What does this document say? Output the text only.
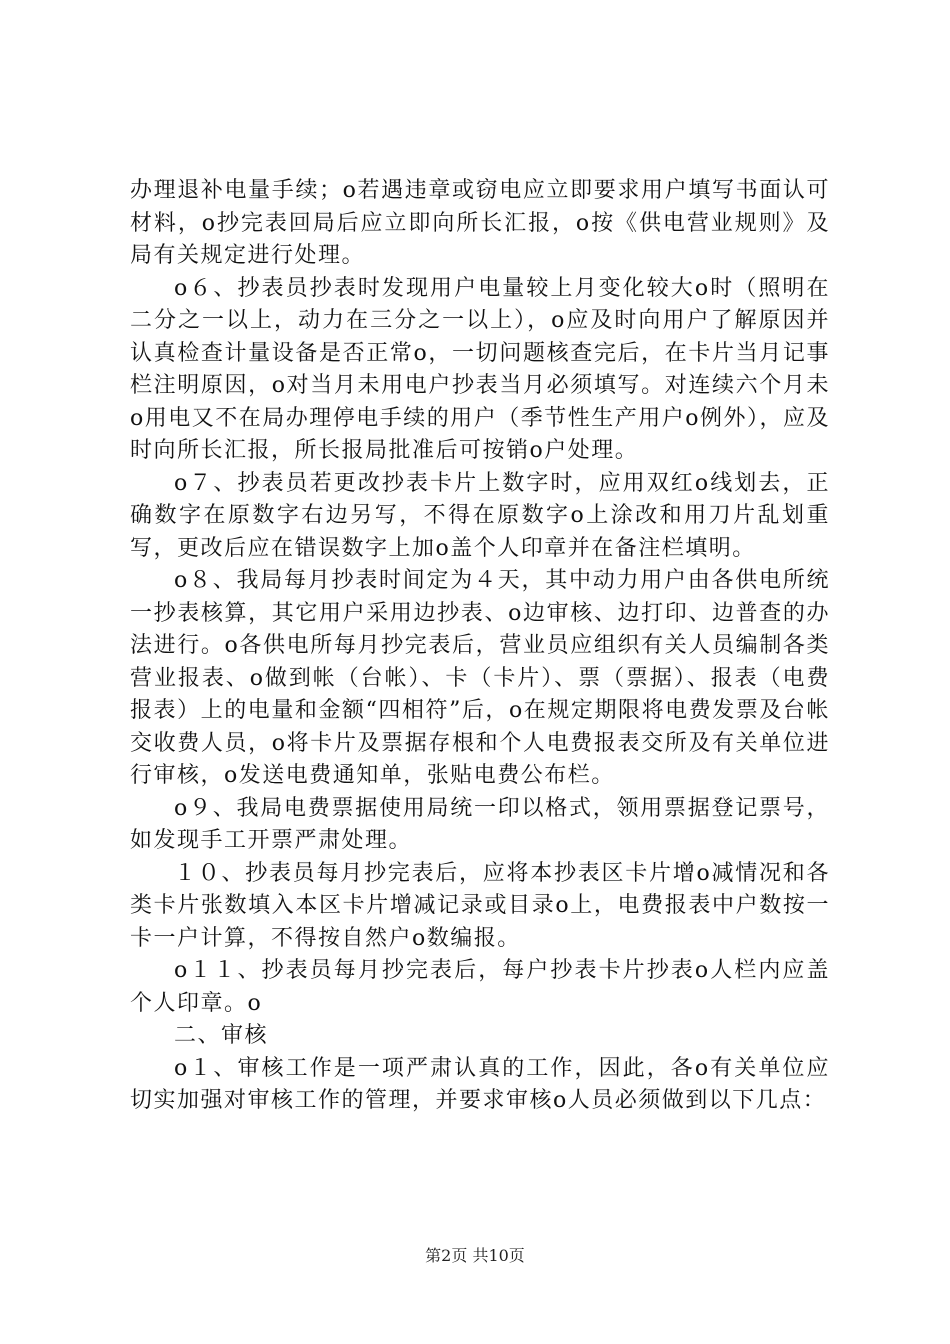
办理退补电量手续；o若遇违章或窃电应立即要求用户填写书面认可材料，o抄完表回局后应立即向所长汇报，o按《供电营业规则》及局有关规定进行处理。

o６、抄表员抄表时发现用户电量较上月变化较大o时（照明在二分之一以上，动力在三分之一以上），o应及时向用户了解原因并认真检查计量设备是否正常o，一切问题核查完后，在卡片当月记事栏注明原因，o对当月未用电户抄表当月必须填写。对连续六个月未o用电又不在局办理停电手续的用户（季节性生产用户o例外），应及时向所长汇报，所长报局批准后可按销o户处理。

o７、抄表员若更改抄表卡片上数字时，应用双红o线划去，正确数字在原数字右边另写，不得在原数字o上涂改和用刀片乱划重写，更改后应在错误数字上加o盖个人印章并在备注栏填明。

o８、我局每月抄表时间定为４天，其中动力用户由各供电所统一抄表核算，其它用户采用边抄表、o边审核、边打印、边普查的办法进行。o各供电所每月抄完表后，营业员应组织有关人员编制各类营业报表、o做到帐（台帐）、卡（卡片）、票（票据）、报表（电费报表）上的电量和金额“四相符”后，o在规定期限将电费发票及台帐交收费人员，o将卡片及票据存根和个人电费报表交所及有关单位进行审核，o发送电费通知单，张贴电费公布栏。

o９、我局电费票据使用局统一印以格式，领用票据登记票号，如发现手工开票严肃处理。

１０、抄表员每月抄完表后，应将本抄表区卡片增o减情况和各类卡片张数填入本区卡片增减记录或目录o上，电费报表中户数按一卡一户计算，不得按自然户o数编报。

o１１、抄表员每月抄完表后，每户抄表卡片抄表o人栏内应盖个人印章。o

二、审核

o１、审核工作是一项严肃认真的工作，因此，各o有关单位应切实加强对审核工作的管理，并要求审核o人员必须做到以下几点：

第2页 共10页
